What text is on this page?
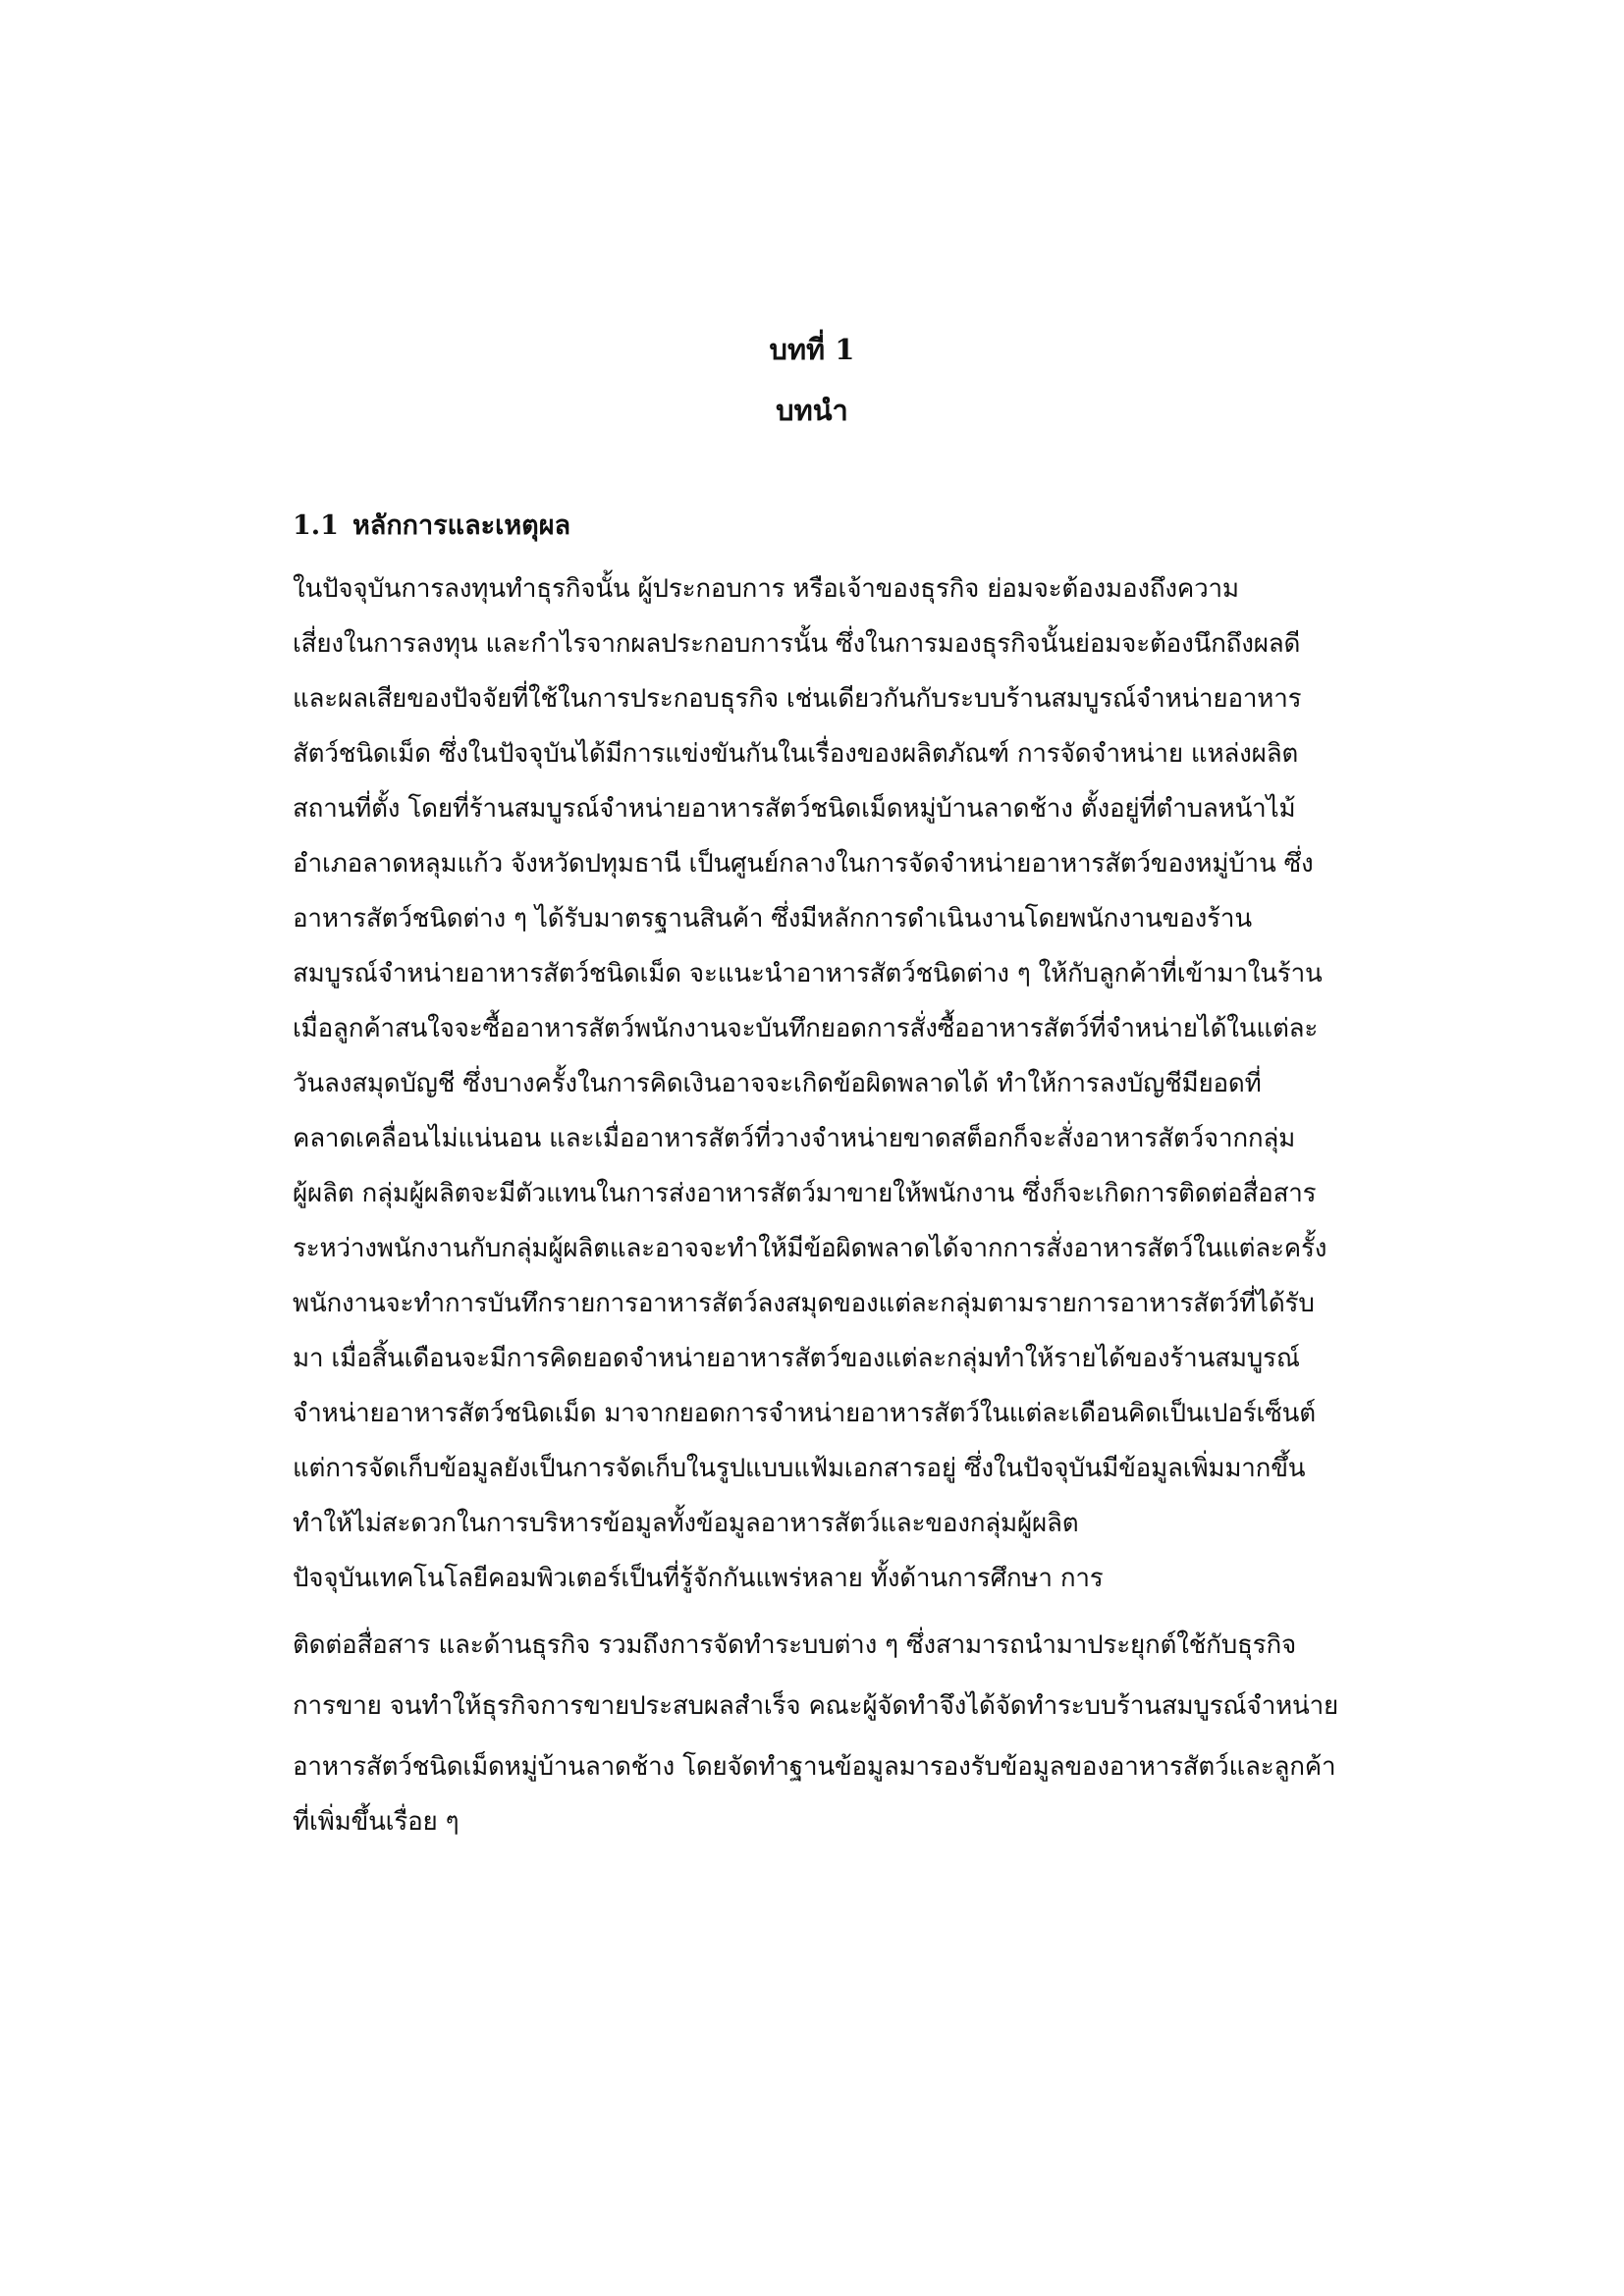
บทที่ 1
บทนำ
1.1 หลักการและเหตุผล
ในปัจจุบันการลงทุนทำธุรกิจนั้น ผู้ประกอบการ หรือเจ้าของธุรกิจ ย่อมจะต้องมองถึงความ
เสี่ยงในการลงทุน และกำไรจากผลประกอบการนั้น ซึ่งในการมองธุรกิจนั้นย่อมจะต้องนึกถึงผลดี
และผลเสียของปัจจัยที่ใช้ในการประกอบธุรกิจ เช่นเดียวกันกับระบบร้านสมบูรณ์จำหน่ายอาหาร
สัตว์ชนิดเม็ด ซึ่งในปัจจุบันได้มีการแข่งขันกันในเรื่องของผลิตภัณฑ์ การจัดจำหน่าย แหล่งผลิต
สถานที่ตั้ง โดยที่ร้านสมบูรณ์จำหน่ายอาหารสัตว์ชนิดเม็ดหมู่บ้านลาดช้าง ตั้งอยู่ที่ตำบลหน้าไม้
อำเภอลาดหลุมแก้ว จังหวัดปทุมธานี เป็นศูนย์กลางในการจัดจำหน่ายอาหารสัตว์ของหมู่บ้าน ซึ่ง
อาหารสัตว์ชนิดต่าง ๆ ได้รับมาตรฐานสินค้า ซึ่งมีหลักการดำเนินงานโดยพนักงานของร้าน
สมบูรณ์จำหน่ายอาหารสัตว์ชนิดเม็ด จะแนะนำอาหารสัตว์ชนิดต่าง ๆ ให้กับลูกค้าที่เข้ามาในร้าน
เมื่อลูกค้าสนใจจะซื้ออาหารสัตว์พนักงานจะบันทึกยอดการสั่งซื้ออาหารสัตว์ที่จำหน่ายได้ในแต่ละ
วันลงสมุดบัญชี ซึ่งบางครั้งในการคิดเงินอาจจะเกิดข้อผิดพลาดได้ ทำให้การลงบัญชีมียอดที่
คลาดเคลื่อนไม่แน่นอน และเมื่ออาหารสัตว์ที่วางจำหน่ายขาดสต็อกก็จะสั่งอาหารสัตว์จากกลุ่ม
ผู้ผลิต กลุ่มผู้ผลิตจะมีตัวแทนในการส่งอาหารสัตว์มาขายให้พนักงาน ซึ่งก็จะเกิดการติดต่อสื่อสาร
ระหว่างพนักงานกับกลุ่มผู้ผลิตและอาจจะทำให้มีข้อผิดพลาดได้จากการสั่งอาหารสัตว์ในแต่ละครั้ง
พนักงานจะทำการบันทึกรายการอาหารสัตว์ลงสมุดของแต่ละกลุ่มตามรายการอาหารสัตว์ที่ได้รับ
มา เมื่อสิ้นเดือนจะมีการคิดยอดจำหน่ายอาหารสัตว์ของแต่ละกลุ่มทำให้รายได้ของร้านสมบูรณ์
จำหน่ายอาหารสัตว์ชนิดเม็ด มาจากยอดการจำหน่ายอาหารสัตว์ในแต่ละเดือนคิดเป็นเปอร์เซ็นต์
แต่การจัดเก็บข้อมูลยังเป็นการจัดเก็บในรูปแบบแฟ้มเอกสารอยู่ ซึ่งในปัจจุบันมีข้อมูลเพิ่มมากขึ้น
ทำให้ไม่สะดวกในการบริหารข้อมูลทั้งข้อมูลอาหารสัตว์และของกลุ่มผู้ผลิต
ปัจจุบันเทคโนโลยีคอมพิวเตอร์เป็นที่รู้จักกันแพร่หลาย ทั้งด้านการศึกษา การ
ติดต่อสื่อสาร และด้านธุรกิจ รวมถึงการจัดทำระบบต่าง ๆ ซึ่งสามารถนำมาประยุกต์ใช้กับธุรกิจ
การขาย จนทำให้ธุรกิจการขายประสบผลสำเร็จ คณะผู้จัดทำจึงได้จัดทำระบบร้านสมบูรณ์จำหน่าย
อาหารสัตว์ชนิดเม็ดหมู่บ้านลาดช้าง โดยจัดทำฐานข้อมูลมารองรับข้อมูลของอาหารสัตว์และลูกค้า
ที่เพิ่มขึ้นเรื่อย ๆ
